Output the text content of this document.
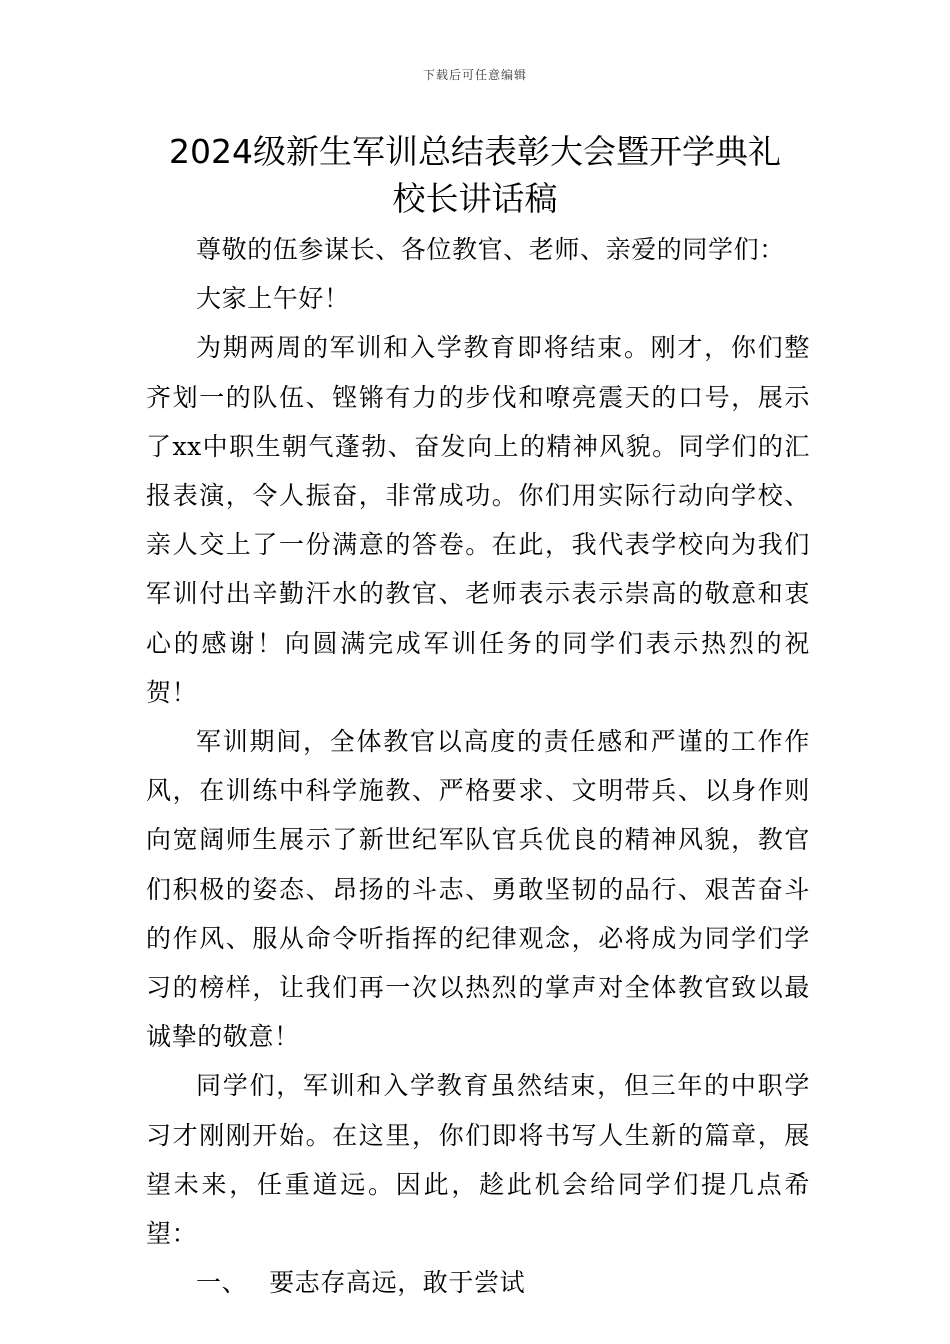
下载后可任意编辑
2024级新生军训总结表彰大会暨开学典礼
校长讲话稿

尊敬的伍参谋长、各位教官、老师、亲爱的同学们：

大家上午好！

为期两周的军训和入学教育即将结束。刚才，你们整齐划一的队伍、铿锵有力的步伐和嘹亮震天的口号，展示了xx中职生朝气蓬勃、奋发向上的精神风貌。同学们的汇报表演，令人振奋，非常成功。你们用实际行动向学校、亲人交上了一份满意的答卷。在此，我代表学校向为我们军训付出辛勤汗水的教官、老师表示表示崇高的敬意和衷心的感谢！向圆满完成军训任务的同学们表示热烈的祝贺！

军训期间，全体教官以高度的责任感和严谨的工作作风，在训练中科学施教、严格要求、文明带兵、以身作则向宽阔师生展示了新世纪军队官兵优良的精神风貌，教官们积极的姿态、昂扬的斗志、勇敢坚韧的品行、艰苦奋斗的作风、服从命令听指挥的纪律观念，必将成为同学们学习的榜样，让我们再一次以热烈的掌声对全体教官致以最诚挚的敬意！

同学们，军训和入学教育虽然结束，但三年的中职学习才刚刚开始。在这里，你们即将书写人生新的篇章，展望未来，任重道远。因此，趁此机会给同学们提几点希望：

一、 要志存高远，敢于尝试
